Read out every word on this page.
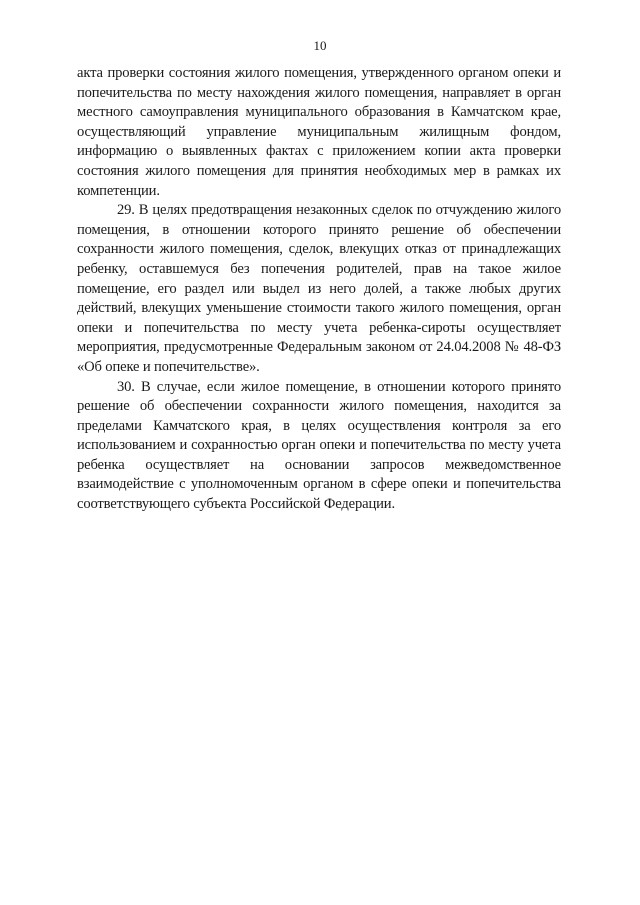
10

акта проверки состояния жилого помещения, утвержденного органом опеки и попечительства по месту нахождения жилого помещения, направляет в орган местного самоуправления муниципального образования в Камчатском крае, осуществляющий управление муниципальным жилищным фондом, информацию о выявленных фактах с приложением копии акта проверки состояния жилого помещения для принятия необходимых мер в рамках их компетенции.

29. В целях предотвращения незаконных сделок по отчуждению жилого помещения, в отношении которого принято решение об обеспечении сохранности жилого помещения, сделок, влекущих отказ от принадлежащих ребенку, оставшемуся без попечения родителей, прав на такое жилое помещение, его раздел или выдел из него долей, а также любых других действий, влекущих уменьшение стоимости такого жилого помещения, орган опеки и попечительства по месту учета ребенка-сироты осуществляет мероприятия, предусмотренные Федеральным законом от 24.04.2008 № 48-ФЗ «Об опеке и попечительстве».

30. В случае, если жилое помещение, в отношении которого принято решение об обеспечении сохранности жилого помещения, находится за пределами Камчатского края, в целях осуществления контроля за его использованием и сохранностью орган опеки и попечительства по месту учета ребенка осуществляет на основании запросов межведомственное взаимодействие с уполномоченным органом в сфере опеки и попечительства соответствующего субъекта Российской Федерации.
